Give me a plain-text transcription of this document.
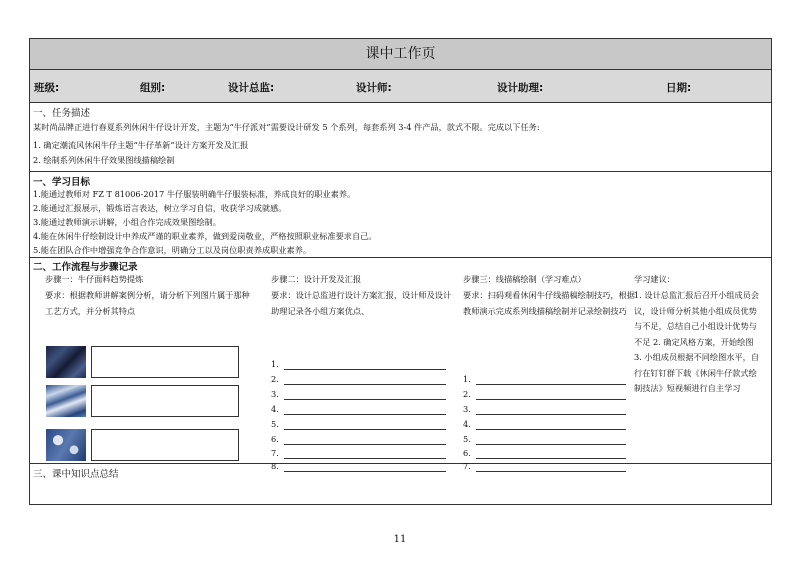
课中工作页
班级:	组别:	设计总监:	设计师:	设计助理:	日期:
一、任务描述
某时尚品牌正进行春夏系列休闲牛仔设计开发，主题为“牛仔派对”需要设计研发 5 个系列，每套系列 3-4 件产品，款式不限。完成以下任务:
1. 确定潮流风休闲牛仔主题“牛仔革新”设计方案开发及汇报
2. 绘制系列休闲牛仔效果图线描稿绘制
一、学习目标
1.能通过教师对 FZ T 81006-2017 牛仔服装明确牛仔服装标准，养成良好的职业素养。
2.能通过汇报展示，锻炼语言表达，树立学习自信，收获学习成就感。
3.能通过教师演示讲解，小组合作完成效果图绘制。
4.能在休闲牛仔绘制设计中养成严谨的职业素养，做到爱岗敬业，严格按照职业标准要求自己。
5.能在团队合作中增强竞争合作意识，明确分工以及岗位职责养成职业素养。
二、工作流程与步骤记录
步骤一：牛仔面料趋势提炼
要求：根据教师讲解案例分析，请分析下列图片属于那种工艺方式，并分析其特点
步骤二：设计开发及汇报
要求：设计总监进行设计方案汇报，设计师及设计助理记录各小组方案优点、
1.
2.
3.
4.
5.
6.
7.
8.
步骤三：线描稿绘制（学习难点）
要求：扫码观看休闲牛仔线描稿绘制技巧，根据教师演示完成系列线描稿绘制并记录绘制技巧
1.
2.
3.
4.
5.
6.
7.
学习建议：
1. 设计总监汇报后召开小组成员会议，设计师分析其他小组成员优势与不足，总结自己小组设计优势与不足 2. 确定风格方案，开始绘图 3. 小组成员根据不同绘图水平，自行在钉钉群下载《休闲牛仔款式绘制技法》短视频进行自主学习
三、课中知识点总结
11
